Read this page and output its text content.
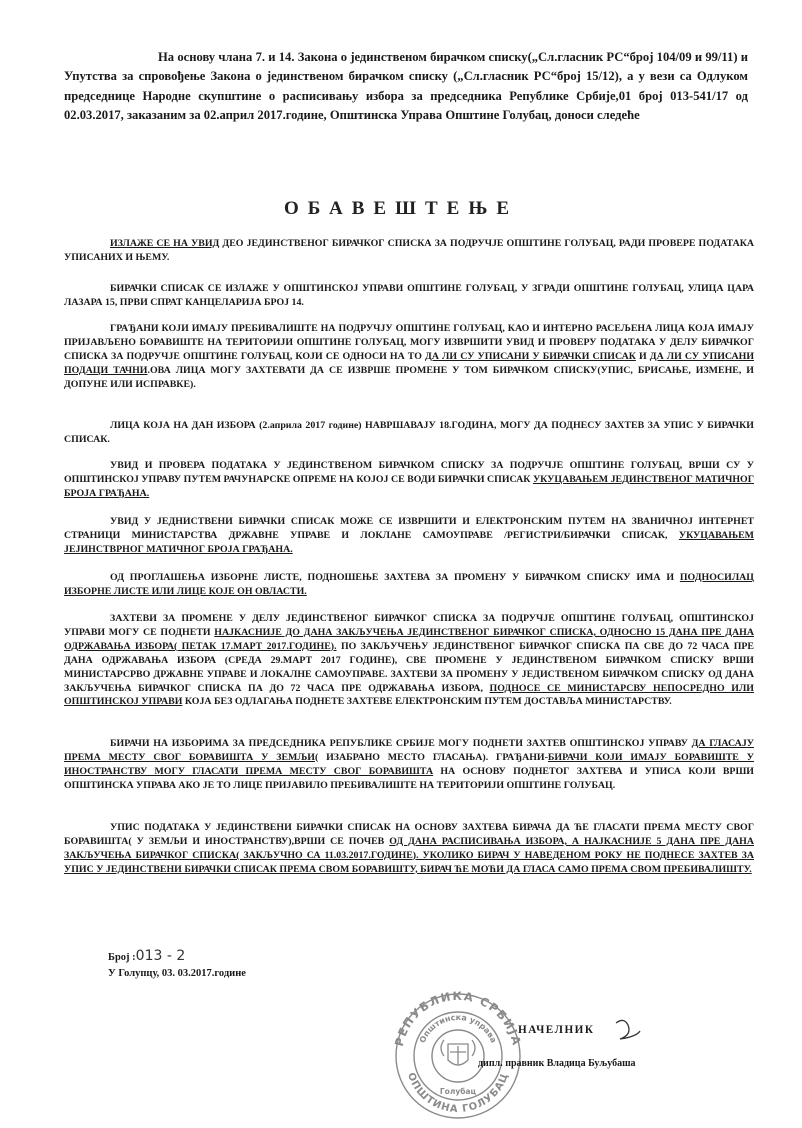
На основу члана 7. и 14. Закона о јединственом бирачком списку(„Сл.гласник РС“број 104/09 и 99/11) и Упутства за спровођење Закона о јединственом бирачком списку („Сл.гласник РС“број 15/12), а у вези са Одлуком председнице Народне скупштине о расписивању избора за председника Републике Србије,01 број 013-541/17 од 02.03.2017, заказаним за 02.април 2017.године, Општинска Управа Општине Голубац, доноси следеће
ОБАВЕШТЕЊЕ
ИЗЛАЖЕ СЕ НА УВИД ДЕО ЈЕДИНСТВЕНОГ БИРАЧКОГ СПИСКА ЗА ПОДРУЧЈЕ ОПШТИНЕ ГОЛУБАЦ, РАДИ ПРОВЕРЕ ПОДАТАКА УПИСАНИХ И ЊЕМУ.
БИРАЧКИ СПИСАК СЕ ИЗЛАЖЕ У ОПШТИНСКОЈ УПРАВИ ОПШТИНЕ ГОЛУБАЦ, У ЗГРАДИ ОПШТИНЕ ГОЛУБАЦ, УЛИЦА ЦАРА ЛАЗАРА 15, ПРВИ СПРАТ КАНЦЕЛАРИЈА БРОЈ 14.
ГРАЂАНИ КОЈИ ИМАЈУ ПРЕБИВАЛИШТЕ НА ПОДРУЧЈУ ОПШТИНЕ ГОЛУБАЦ, КАО И ИНТЕРНО РАСЕЉЕНА ЛИЦА КОЈА ИМАЈУ ПРИЈАВЉЕНО БОРАВИШТЕ НА ТЕРИТОРИЈИ ОПШТИНЕ ГОЛУБАЦ, МОГУ ИЗВРШИТИ УВИД И ПРОВЕРУ ПОДАТАКА У ДЕЛУ БИРАЧКОГ СПИСКА ЗА ПОДРУЧЈЕ ОПШТИНЕ ГОЛУБАЦ, КОЈИ СЕ ОДНОСИ НА ТО ДА ЛИ СУ УПИСАНИ У БИРАЧКИ СПИСАК И ДА ЛИ СУ УПИСАНИ ПОДАЦИ ТАЧНИ.ОВА ЛИЦА МОГУ ЗАХТЕВАТИ ДА СЕ ИЗВРШЕ ПРОМЕНЕ У ТОМ БИРАЧКОМ СПИСКУ(УПИС, БРИСАЊЕ, ИЗМЕНЕ, И ДОПУНЕ ИЛИ ИСПРАВКЕ).
ЛИЦА КОЈА НА ДАН ИЗБОРА (2.априла 2017 године) НАВРШАВАЈУ 18.ГОДИНА, МОГУ ДА ПОДНЕСУ ЗАХТЕВ ЗА УПИС У БИРАЧКИ СПИСАК.
УВИД И ПРОВЕРА ПОДАТАКА У ЈЕДИНСТВЕНОМ БИРАЧКОМ СПИСКУ ЗА ПОДРУЧЈЕ ОПШТИНЕ ГОЛУБАЦ, ВРШИ СУ У ОПШТИНСКОЈ УПРАВУ ПУТЕМ РАЧУНАРСКЕ ОПРЕМЕ НА КОЈОЈ СЕ ВОДИ БИРАЧКИ СПИСАК УКУЦАВАЊЕМ ЈЕДИНСТВЕНОГ МАТИЧНОГ БРОЈА ГРАЂАНА.
УВИД У ЈЕДНИСТВЕНИ БИРАЧКИ СПИСАК МОЖЕ СЕ ИЗВРШИТИ И ЕЛЕКТРОНСКИМ ПУТЕМ НА ЗВАНИЧНОЈ ИНТЕРНЕТ СТРАНИЦИ МИНИСТАРСТВА ДРЖАВНЕ УПРАВЕ И ЛОКЛАНЕ САМОУПРАВЕ /РЕГИСТРИ/БИРАЧКИ СПИСАК, УКУЦАВАЊЕМ ЈЕЈИНСТВРНОГ МАТИЧНОГ БРОЈА ГРАЂАНА.
ОД ПРОГЛАШЕЊА ИЗБОРНЕ ЛИСТЕ, ПОДНОШЕЊЕ ЗАХТЕВА ЗА ПРОМЕНУ У БИРАЧКОМ СПИСКУ ИМА И ПОДНОСИЛАЦ ИЗБОРНЕ ЛИСТЕ ИЛИ ЛИЦЕ КОЈЕ ОН ОВЛАСТИ.
ЗАХТЕВИ ЗА ПРОМЕНЕ У ДЕЛУ ЈЕДИНСТВЕНОГ БИРАЧКОГ СПИСКА ЗА ПОДРУЧЈЕ ОПШТИНЕ ГОЛУБАЦ, ОПШТИНСКОЈ УПРАВИ МОГУ СЕ ПОДНЕТИ НАЈКАСНИЈЕ ДО ДАНА ЗАКЉУЧЕЊА ЈЕДИНСТВЕНОГ БИРАЧКОГ СПИСКА, ОДНОСНО 15 ДАНА ПРЕ ДАНА ОДРЖАВАЊА ИЗБОРА( ПЕТАК 17.МАРТ 2017.ГОДИНЕ). ПО ЗАКЉУЧЕЊУ ЈЕДИНСТВЕНОГ БИРАЧКОГ СПИСКА ПА СВЕ ДО 72 ЧАСА ПРЕ ДАНА ОДРЖАВАЊА ИЗБОРА (СРЕДА 29.МАРТ 2017 ГОДИНЕ), СВЕ ПРОМЕНЕ У ЈЕДИНСТВЕНОМ БИРАЧКОМ СПИСКУ ВРШИ МИНИСТАРСРВО ДРЖАВНЕ УПРАВЕ И ЛОКАЛНЕ САМОУПРАВЕ. ЗАХТЕВИ ЗА ПРОМЕНУ У ЈЕДИСТВЕНОМ БИРАЧКОМ СПИСКУ ОД ДАНА ЗАКЉУЧЕЊА БИРАЧКОГ СПИСКА ПА ДО 72 ЧАСА ПРЕ ОДРЖАВАЊА ИЗБОРА, ПОДНОСЕ СЕ МИНИСТАРСВУ НЕПОСРЕДНО ИЛИ ОПШТИНСКОЈ УПРАВИ КОЈА БЕЗ ОДЛАГАЊА ПОДНЕТЕ ЗАХТЕВЕ ЕЛЕКТРОНСКИМ ПУТЕМ ДОСТАВЉА МИНИСТАРСТВУ.
БИРАЧИ НА ИЗБОРИМА ЗА ПРЕДСЕДНИКА РЕПУБЛИКЕ СРБИЈЕ МОГУ ПОДНЕТИ ЗАХТЕВ ОПШТИНСКОЈ УПРАВУ ДА ГЛАСАЈУ ПРЕМА МЕСТУ СВОГ БОРАВИШТА У ЗЕМЉИ( ИЗАБРАНО МЕСТО ГЛАСАЊА). ГРАЂАНИ-БИРАЧИ КОЈИ ИМАЈУ БОРАВИШТЕ У ИНОСТРАНСТВУ МОГУ ГЛАСАТИ ПРЕМА МЕСТУ СВОГ БОРАВИШТА НА ОСНОВУ ПОДНЕТОГ ЗАХТЕВА И УПИСА КОЈИ ВРШИ ОПШТИНСКА УПРАВА АКО ЈЕ ТО ЛИЦЕ ПРИЈАВИЛО ПРЕБИВАЛИШТЕ НА ТЕРИТОРИЈИ ОПШТИНЕ ГОЛУБАЦ.
УПИС ПОДАТАКА У ЈЕДИНСТВЕНИ БИРАЧКИ СПИСАК НА ОСНОВУ ЗАХТЕВА БИРАЧА ДА ЋЕ ГЛАСАТИ ПРЕМА МЕСТУ СВОГ БОРАВИШТА( У ЗЕМЉИ И ИНОСТРАНСТВУ),ВРШИ СЕ ПОЧЕВ ОД ДАНА РАСПИСИВАЊА ИЗБОРА, А НАЈКАСНИЈЕ 5 ДАНА ПРЕ ДАНА ЗАКЉУЧЕЊА БИРАЧКОГ СПИСКА( ЗАКЉУЧНО СА 11.03.2017.ГОДИНЕ). УКОЛИКО БИРАЧ У НАВЕДЕНОМ РОКУ НЕ ПОДНЕСЕ ЗАХТЕВ ЗА УПИС У ЈЕДИНСТВЕНИ БИРАЧКИ СПИСАК ПРЕМА СВОМ БОРАВИШТУ, БИРАЧ ЋЕ МОЋИ ДА ГЛАСА САМО ПРЕМА СВОМ ПРЕБИВАЛИШТУ.
Број :013 - 2
У Голупцу, 03. 03.2017.године
РЕПУБЛИКА СРБИЈА
Општинска управа
ОПШТИНА ГОЛУБАЦ
Голубац
НАЧЕЛНИК
дипл. правник Владица Буљубаша
